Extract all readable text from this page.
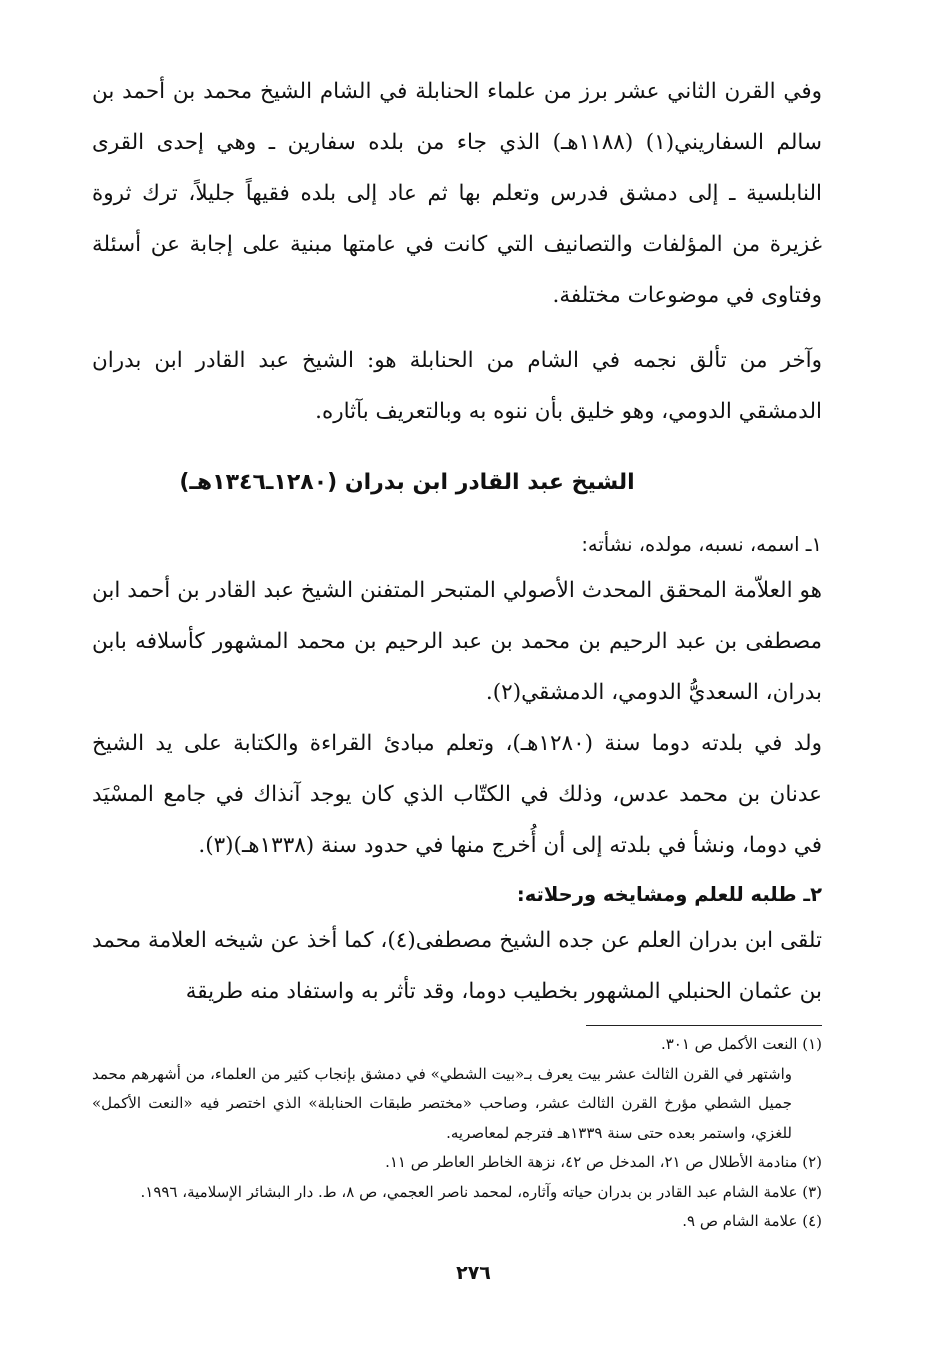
وفي القرن الثاني عشر برز من علماء الحنابلة في الشام الشيخ محمد بن أحمد بن سالم السفاريني(١) (١١٨٨هـ) الذي جاء من بلده سفارين ـ وهي إحدى القرى النابلسية ـ إلى دمشق فدرس وتعلم بها ثم عاد إلى بلده فقيهاً جليلاً، ترك ثروة غزيرة من المؤلفات والتصانيف التي كانت في عامتها مبنية على إجابة عن أسئلة وفتاوى في موضوعات مختلفة.

وآخر من تألق نجمه في الشام من الحنابلة هو: الشيخ عبد القادر ابن بدران الدمشقي الدومي، وهو خليق بأن ننوه به وبالتعريف بآثاره.

الشيخ عبد القادر ابن بدران (١٢٨٠ـ١٣٤٦هـ)
١ـ اسمه، نسبه، مولده، نشأته:

هو العلاّمة المحقق المحدث الأصولي المتبحر المتفنن الشيخ عبد القادر بن أحمد ابن مصطفى بن عبد الرحيم بن محمد بن عبد الرحيم بن محمد المشهور كأسلافه بابن بدران، السعديُّ الدومي، الدمشقي(٢).

ولد في بلدته دوما سنة (١٢٨٠هـ)، وتعلم مبادئ القراءة والكتابة على يد الشيخ عدنان بن محمد عدس، وذلك في الكتّاب الذي كان يوجد آنذاك في جامع المسْيَد في دوما، ونشأ في بلدته إلى أن أُخرج منها في حدود سنة (١٣٣٨هـ)(٣).

٢ـ طلبه للعلم ومشايخه ورحلاته:

تلقى ابن بدران العلم عن جده الشيخ مصطفى(٤)، كما أخذ عن شيخه العلامة محمد بن عثمان الحنبلي المشهور بخطيب دوما، وقد تأثر به واستفاد منه طريقة

(١) النعت الأكمل ص ٣٠١.

واشتهر في القرن الثالث عشر بيت يعرف بـ«بيت الشطي» في دمشق بإنجاب كثير من العلماء، من أشهرهم محمد جميل الشطي مؤرخ القرن الثالث عشر، وصاحب «مختصر طبقات الحنابلة» الذي اختصر فيه «النعت الأكمل» للغزي، واستمر بعده حتى سنة ١٣٣٩هـ فترجم لمعاصريه.

(٢) منادمة الأطلال ص ٢١، المدخل ص ٤٢، نزهة الخاطر العاطر ص ١١.

(٣) علامة الشام عبد القادر بن بدران حياته وآثاره، لمحمد ناصر العجمي، ص ٨، ط. دار البشائر الإسلامية، ١٩٩٦.

(٤) علامة الشام ص ٩.

٢٧٦
